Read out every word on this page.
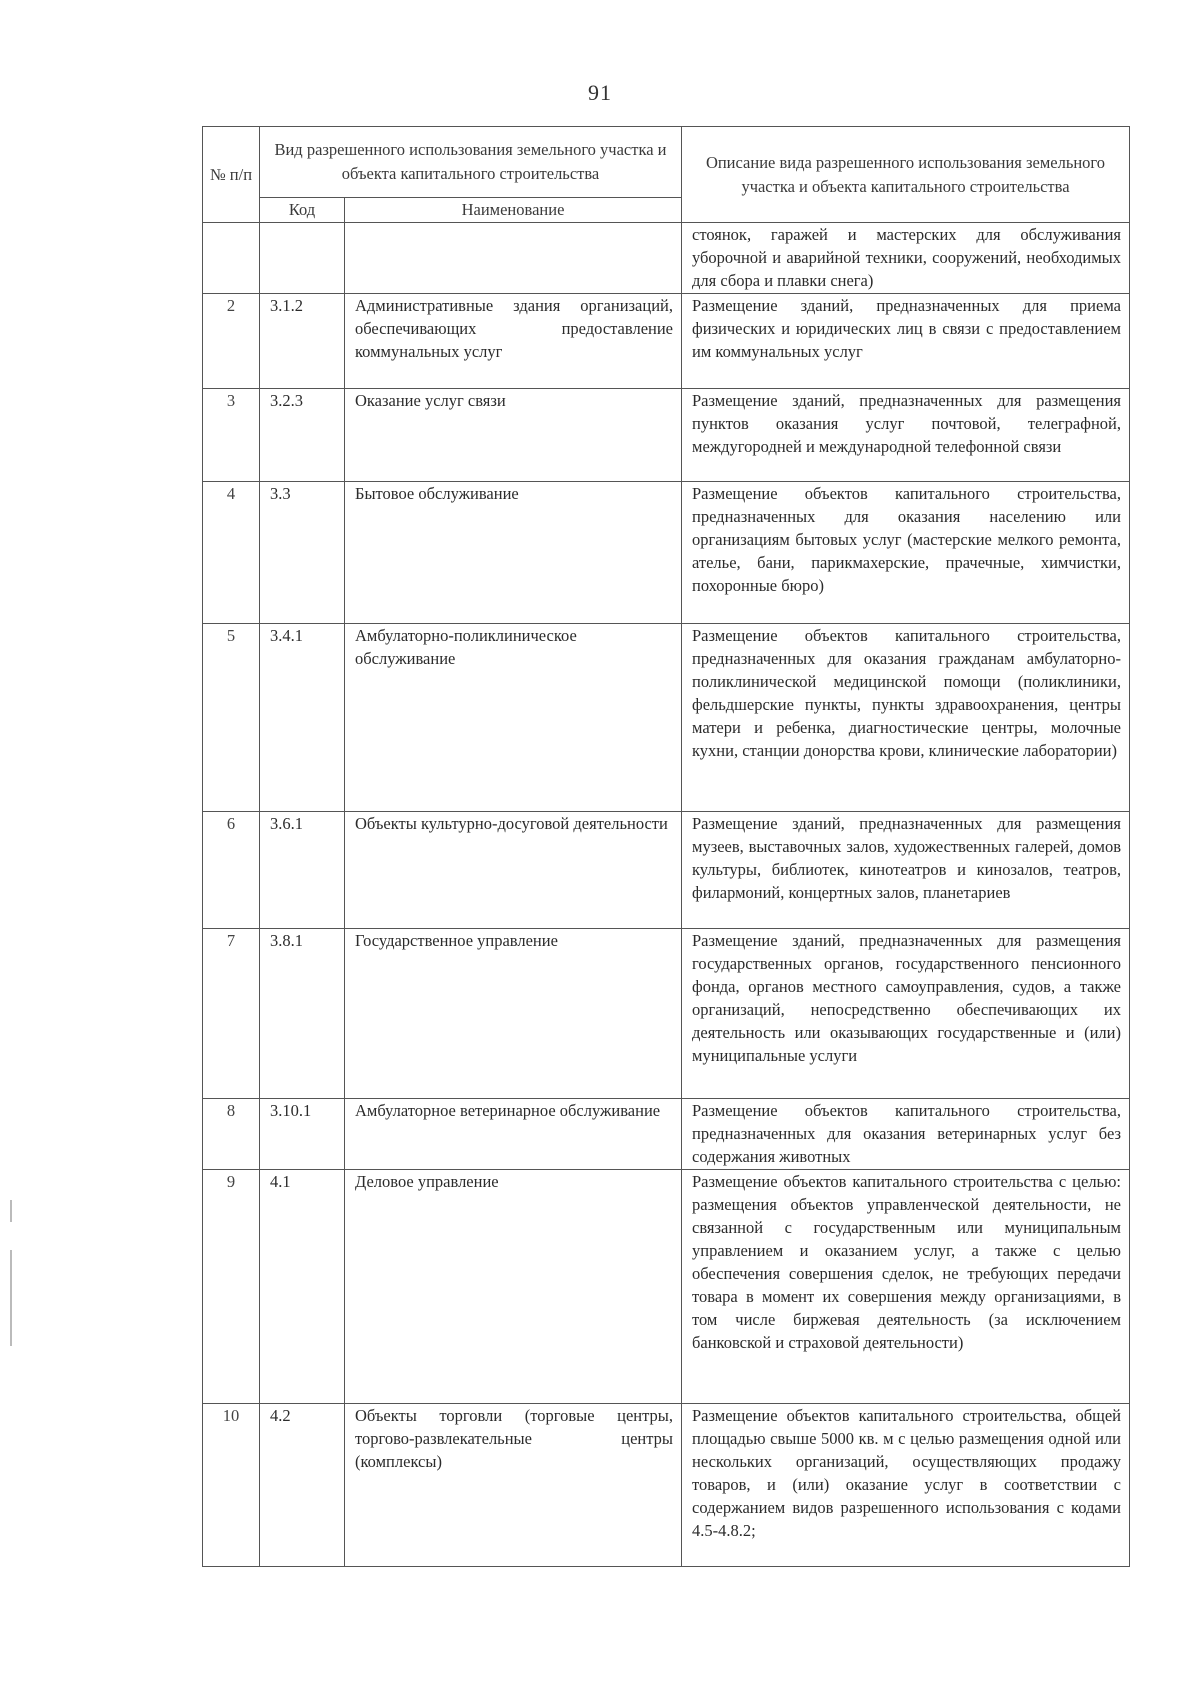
91
№ п/п	Вид разрешенного использования земельного участка и объекта капитального строительства		Описание вида разрешенного использования земельного участка и объекта капитального строительства
	Код	Наименование	
			стоянок, гаражей и мастерских для обслуживания уборочной и аварийной техники, сооружений, необходимых для сбора и плавки снега)
2	3.1.2	Административные здания организаций, обеспечивающих предоставление коммунальных услуг	Размещение зданий, предназначенных для приема физических и юридических лиц в связи с предоставлением им коммунальных услуг
3	3.2.3	Оказание услуг связи	Размещение зданий, предназначенных для размещения пунктов оказания услуг почтовой, телеграфной, междугородней и международной телефонной связи
4	3.3	Бытовое обслуживание	Размещение объектов капитального строительства, предназначенных для оказания населению или организациям бытовых услуг (мастерские мелкого ремонта, ателье, бани, парикмахерские, прачечные, химчистки, похоронные бюро)
5	3.4.1	Амбулаторно-поликлиническое обслуживание	Размещение объектов капитального строительства, предназначенных для оказания гражданам амбулаторно-поликлинической медицинской помощи (поликлиники, фельдшерские пункты, пункты здравоохранения, центры матери и ребенка, диагностические центры, молочные кухни, станции донорства крови, клинические лаборатории)
6	3.6.1	Объекты культурно-досуговой деятельности	Размещение зданий, предназначенных для размещения музеев, выставочных залов, художественных галерей, домов культуры, библиотек, кинотеатров и кинозалов, театров, филармоний, концертных залов, планетариев
7	3.8.1	Государственное управление	Размещение зданий, предназначенных для размещения государственных органов, государственного пенсионного фонда, органов местного самоуправления, судов, а также организаций, непосредственно обеспечивающих их деятельность или оказывающих государственные и (или) муниципальные услуги
8	3.10.1	Амбулаторное ветеринарное обслуживание	Размещение объектов капитального строительства, предназначенных для оказания ветеринарных услуг без содержания животных
9	4.1	Деловое управление	Размещение объектов капитального строительства с целью: размещения объектов управленческой деятельности, не связанной с государственным или муниципальным управлением и оказанием услуг, а также с целью обеспечения совершения сделок, не требующих передачи товара в момент их совершения между организациями, в том числе биржевая деятельность (за исключением банковской и страховой деятельности)
10	4.2	Объекты торговли (торговые центры, торгово-развлекательные центры (комплексы)	Размещение объектов капитального строительства, общей площадью свыше 5000 кв. м с целью размещения одной или нескольких организаций, осуществляющих продажу товаров, и (или) оказание услуг в соответствии с содержанием видов разрешенного использования с кодами 4.5-4.8.2;
